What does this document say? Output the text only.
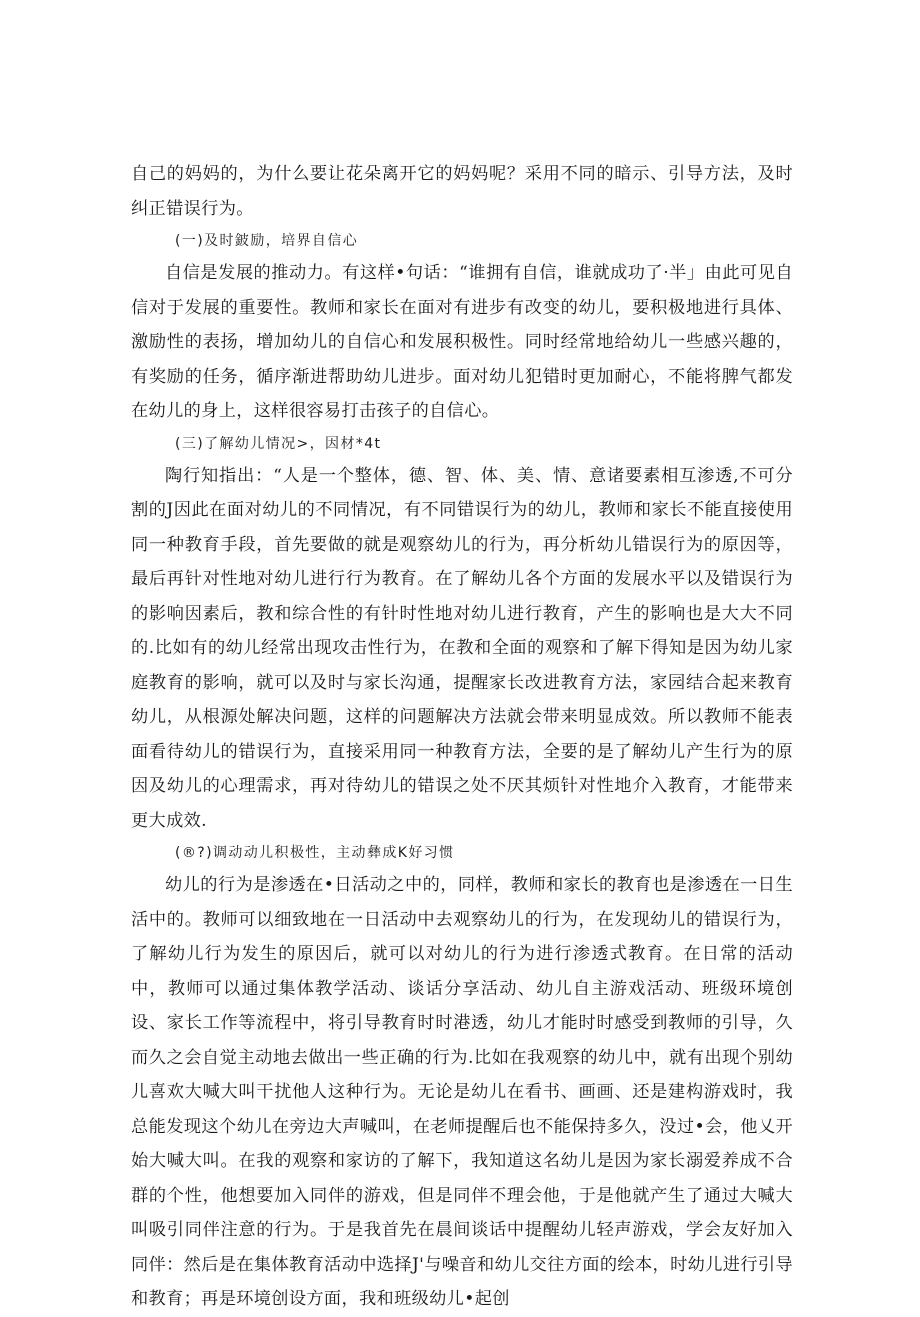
自己的妈妈的，为什么要让花朵离开它的妈妈呢？采用不同的暗示、引导方法，及时纠正错误行为。

(一)及时鈹励，培界自信心

自信是发展的推动力。有这样•句话：“谁拥有自信，谁就成功了·半」由此可见自信对于发展的重要性。教师和家长在面对有进步有改变的幼儿，要积极地进行具体、激励性的表扬，增加幼儿的自信心和发展积极性。同时经常地给幼儿一些感兴趣的，有奖励的任务，循序渐进帮助幼儿进步。面对幼儿犯错时更加耐心，不能将脾气都发在幼儿的身上，这样很容易打击孩子的自信心。

(三)了解幼儿情况>，因材*4t

陶行知指出：“人是一个整体，德、智、体、美、情、意诸要素相互渗透,不可分割的J因此在面对幼儿的不同情况，有不同错误行为的幼儿，教师和家长不能直接使用同一种教育手段，首先要做的就是观察幼儿的行为，再分析幼儿错误行为的原因等，最后再针对性地对幼儿进行行为教育。在了解幼儿各个方面的发展水平以及错误行为的影响因素后，教和综合性的有针时性地对幼儿进行教育，产生的影响也是大大不同的.比如有的幼儿经常出现攻击性行为，在教和全面的观察和了解下得知是因为幼儿家庭教育的影响，就可以及时与家长沟通，提醒家长改进教育方法，家园结合起来教育幼儿，从根源处解决问题，这样的问题解决方法就会带来明显成效。所以教师不能表面看待幼儿的错误行为，直接采用同一种教育方法，全要的是了解幼儿产生行为的原因及幼儿的心理需求，再对待幼儿的错误之处不厌其烦针对性地介入教育，才能带来更大成效.

(®?)调动动儿积极性，主动彝成K好习惯

幼儿的行为是渗透在•日活动之中的，同样，教师和家长的教育也是渗透在一日生活中的。教师可以细致地在一日活动中去观察幼儿的行为，在发现幼儿的错误行为，了解幼儿行为发生的原因后，就可以对幼儿的行为进行渗透式教育。在日常的活动中，教师可以通过集体教学活动、谈话分享活动、幼儿自主游戏活动、班级环境创设、家长工作等流程中，将引导教育时时港透，幼儿才能时时感受到教师的引导，久而久之会自觉主动地去做出一些正确的行为.比如在我观察的幼儿中，就有出现个别幼儿喜欢大喊大叫干扰他人这种行为。无论是幼儿在看书、画画、还是建构游戏时，我总能发现这个幼儿在旁边大声喊叫，在老师提醒后也不能保持多久，没过•会，他乂开始大喊大叫。在我的观察和家访的了解下，我知道这名幼儿是因为家长溺爱养成不合群的个性，他想要加入同伴的游戏，但是同伴不理会他，于是他就产生了通过大喊大叫吸引同伴注意的行为。于是我首先在晨间谈话中提醒幼儿轻声游戏，学会友好加入同伴：然后是在集体教育活动中选择J'与噪音和幼儿交往方面的绘本，时幼儿进行引导和教育；再是环境创设方面，我和班级幼儿•起创
